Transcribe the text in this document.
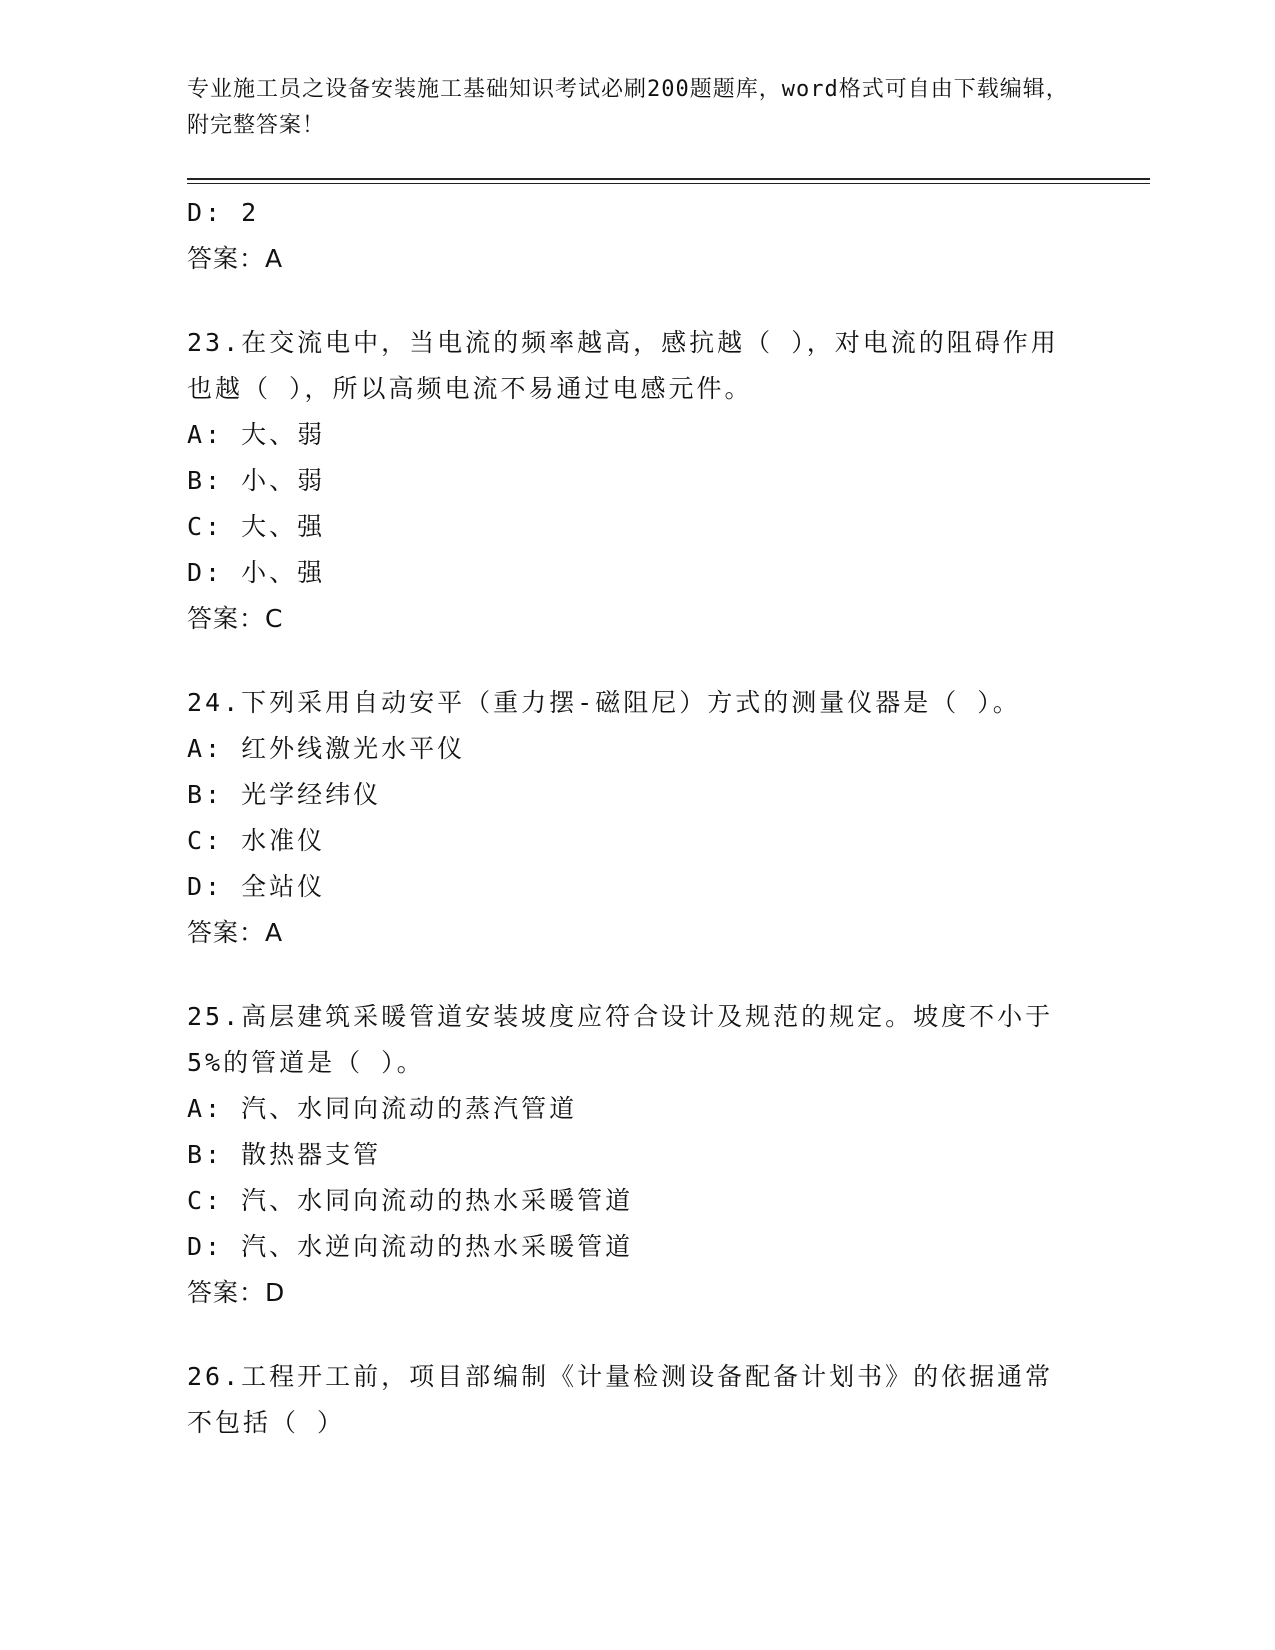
专业施工员之设备安装施工基础知识考试必刷200题题库，word格式可自由下载编辑，附完整答案！
D: 2
答案：A
23.在交流电中，当电流的频率越高，感抗越（ ），对电流的阻碍作用也越（ ），所以高频电流不易通过电感元件。
A: 大、弱
B: 小、弱
C: 大、强
D: 小、强
答案：C
24.下列采用自动安平（重力摆-磁阻尼）方式的测量仪器是（ ）。
A: 红外线激光水平仪
B: 光学经纬仪
C: 水准仪
D: 全站仪
答案：A
25.高层建筑采暖管道安装坡度应符合设计及规范的规定。坡度不小于5%的管道是（ ）。
A: 汽、水同向流动的蒸汽管道
B: 散热器支管
C: 汽、水同向流动的热水采暖管道
D: 汽、水逆向流动的热水采暖管道
答案：D
26.工程开工前，项目部编制《计量检测设备配备计划书》的依据通常不包括（ ）
